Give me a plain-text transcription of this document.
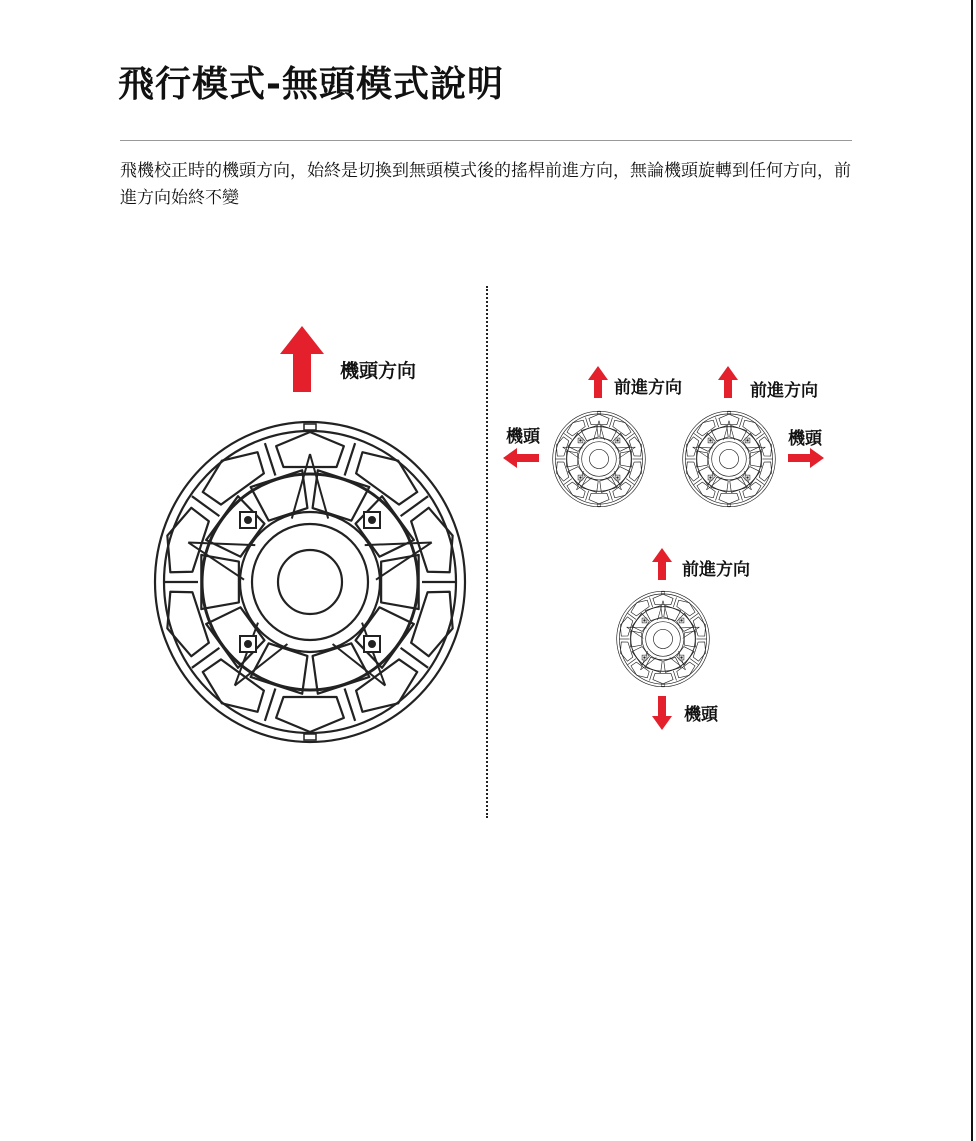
飛行模式-無頭模式說明
飛機校正時的機頭方向，始終是切換到無頭模式後的搖桿前進方向，無論機頭旋轉到任何方向，前進方向始終不變
機頭方向
前進方向
機頭
前進方向
機頭
前進方向
機頭
